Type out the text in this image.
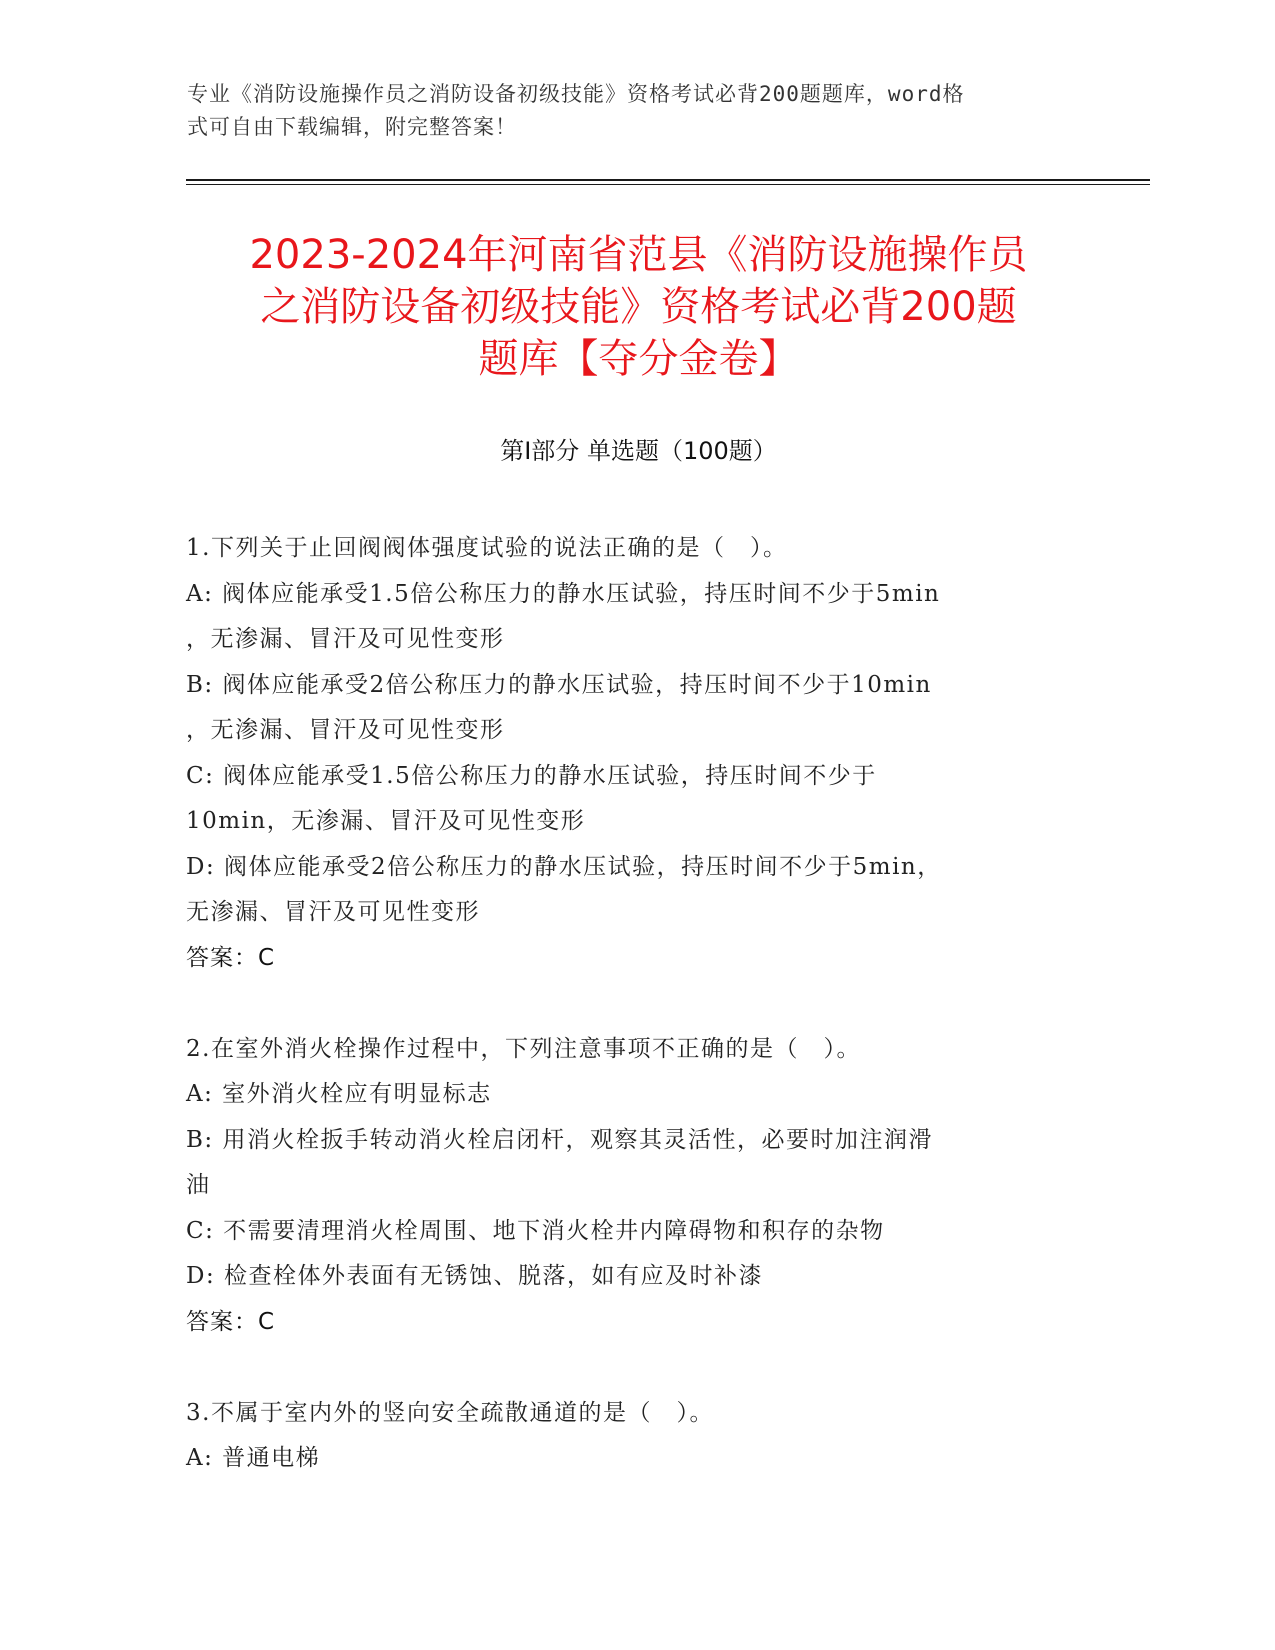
专业《消防设施操作员之消防设备初级技能》资格考试必背200题题库，word格
式可自由下载编辑，附完整答案！
2023-2024年河南省范县《消防设施操作员
之消防设备初级技能》资格考试必背200题
题库【夺分金卷】
第Ⅰ部分 单选题（100题）
1.下列关于止回阀阀体强度试验的说法正确的是（　）。
A: 阀体应能承受1.5倍公称压力的静水压试验，持压时间不少于5min
，无渗漏、冒汗及可见性变形
B: 阀体应能承受2倍公称压力的静水压试验，持压时间不少于10min
，无渗漏、冒汗及可见性变形
C: 阀体应能承受1.5倍公称压力的静水压试验，持压时间不少于
10min，无渗漏、冒汗及可见性变形
D: 阀体应能承受2倍公称压力的静水压试验，持压时间不少于5min，
无渗漏、冒汗及可见性变形
答案：C
2.在室外消火栓操作过程中，下列注意事项不正确的是（　）。
A: 室外消火栓应有明显标志
B: 用消火栓扳手转动消火栓启闭杆，观察其灵活性，必要时加注润滑
油
C: 不需要清理消火栓周围、地下消火栓井内障碍物和积存的杂物
D: 检查栓体外表面有无锈蚀、脱落，如有应及时补漆
答案：C
3.不属于室内外的竖向安全疏散通道的是（　）。
A: 普通电梯
